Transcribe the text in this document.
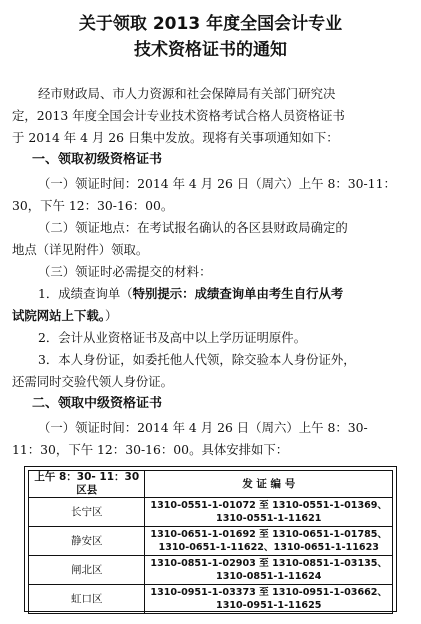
关于领取 2013 年度全国会计专业
技术资格证书的通知
经市财政局、市人力资源和社会保障局有关部门研究决
定，2013 年度全国会计专业技术资格考试合格人员资格证书
于 2014 年 4 月 26 日集中发放。现将有关事项通知如下：
一、领取初级资格证书
（一）领证时间：2014 年 4 月 26 日（周六）上午 8：30-11：
30，下午 12：30-16：00。
（二）领证地点：在考试报名确认的各区县财政局确定的
地点（详见附件）领取。
（三）领证时必需提交的材料：
1．成绩查询单（特别提示：成绩查询单由考生自行从考
试院网站上下载。）
2．会计从业资格证书及高中以上学历证明原件。
3．本人身份证，如委托他人代领，除交验本人身份证外，
还需同时交验代领人身份证。
二、领取中级资格证书
（一）领证时间：2014 年 4 月 26 日（周六）上午 8：30-
11：30，下午 12：30-16：00。具体安排如下：
上午 8：30- 11：30 区县	发 证 编 号
长宁区	1310-0551-1-01072 至 1310-0551-1-01369、1310-0551-1-11621
静安区	1310-0651-1-01692 至 1310-0651-1-01785、1310-0651-1-11622、1310-0651-1-11623
闸北区	1310-0851-1-02903 至 1310-0851-1-03135、1310-0851-1-11624
虹口区	1310-0951-1-03373 至 1310-0951-1-03662、1310-0951-1-11625
